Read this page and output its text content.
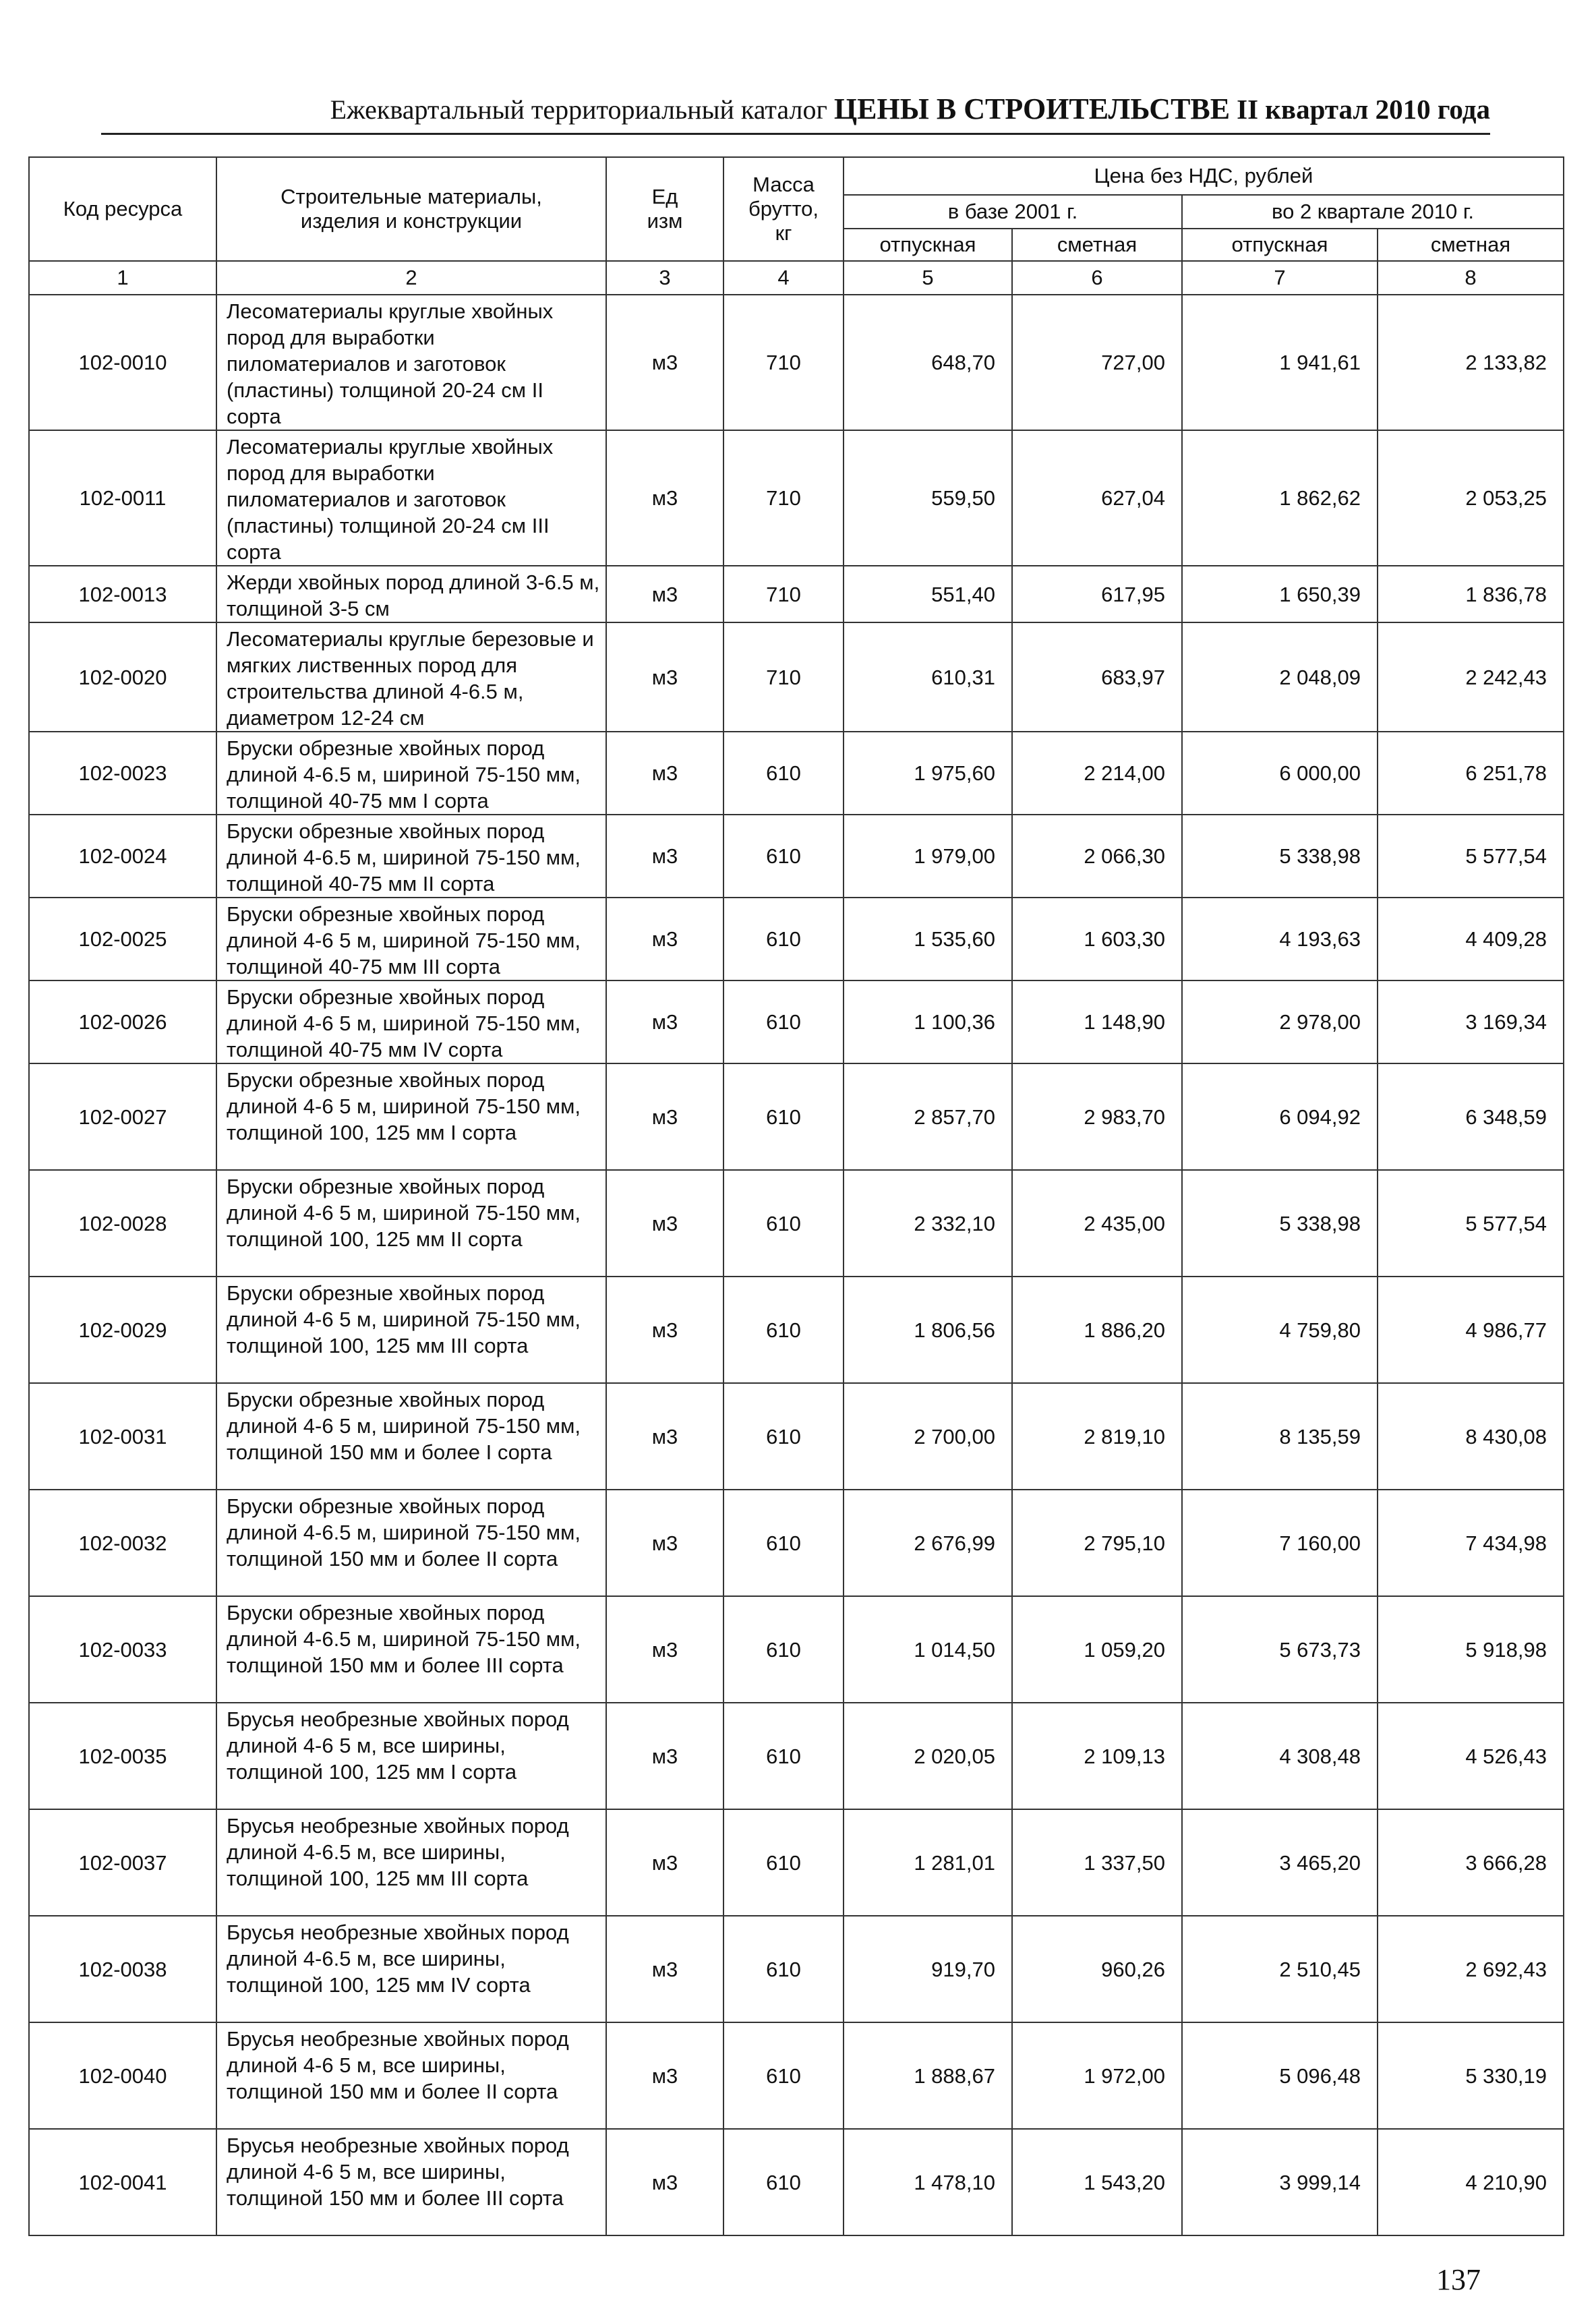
Ежеквартальный территориальный каталог ЦЕНЫ В СТРОИТЕЛЬСТВЕ II квартал 2010 года
Код ресурса	Строительные материалы, изделия и конструкции	Ед изм	Масса брутто, кг	Цена без НДС, рублей			
				в базе 2001 г.		во 2 квартале 2010 г.	
				отпускная	сметная	отпускная	сметная
1	2	3	4	5	6	7	8
102-0010	Лесоматериалы круглые хвойных пород для выработки пиломатериалов и заготовок (пластины) толщиной 20-24 см II сорта	м3	710	648,70	727,00	1 941,61	2 133,82
102-0011	Лесоматериалы круглые хвойных пород для выработки пиломатериалов и заготовок (пластины) толщиной 20-24 см III сорта	м3	710	559,50	627,04	1 862,62	2 053,25
102-0013	Жерди хвойных пород длиной 3-6.5 м, толщиной 3-5 см	м3	710	551,40	617,95	1 650,39	1 836,78
102-0020	Лесоматериалы круглые березовые и мягких лиственных пород для строительства длиной 4-6.5 м, диаметром 12-24 см	м3	710	610,31	683,97	2 048,09	2 242,43
102-0023	Бруски обрезные хвойных пород длиной 4-6.5 м, шириной 75-150 мм, толщиной 40-75 мм I сорта	м3	610	1 975,60	2 214,00	6 000,00	6 251,78
102-0024	Бруски обрезные хвойных пород длиной 4-6.5 м, шириной 75-150 мм, толщиной 40-75 мм II сорта	м3	610	1 979,00	2 066,30	5 338,98	5 577,54
102-0025	Бруски обрезные хвойных пород длиной 4-6 5 м, шириной 75-150 мм, толщиной 40-75 мм III сорта	м3	610	1 535,60	1 603,30	4 193,63	4 409,28
102-0026	Бруски обрезные хвойных пород длиной 4-6 5 м, шириной 75-150 мм, толщиной 40-75 мм IV сорта	м3	610	1 100,36	1 148,90	2 978,00	3 169,34
102-0027	Бруски обрезные хвойных пород длиной 4-6 5 м, шириной 75-150 мм, толщиной 100, 125 мм I сорта	м3	610	2 857,70	2 983,70	6 094,92	6 348,59
102-0028	Бруски обрезные хвойных пород длиной 4-6 5 м, шириной 75-150 мм, толщиной 100, 125 мм II сорта	м3	610	2 332,10	2 435,00	5 338,98	5 577,54
102-0029	Бруски обрезные хвойных пород длиной 4-6 5 м, шириной 75-150 мм, толщиной 100, 125 мм III сорта	м3	610	1 806,56	1 886,20	4 759,80	4 986,77
102-0031	Бруски обрезные хвойных пород длиной 4-6 5 м, шириной 75-150 мм, толщиной 150 мм и более I сорта	м3	610	2 700,00	2 819,10	8 135,59	8 430,08
102-0032	Бруски обрезные хвойных пород длиной 4-6.5 м, шириной 75-150 мм, толщиной 150 мм и более II сорта	м3	610	2 676,99	2 795,10	7 160,00	7 434,98
102-0033	Бруски обрезные хвойных пород длиной 4-6.5 м, шириной 75-150 мм, толщиной 150 мм и более III сорта	м3	610	1 014,50	1 059,20	5 673,73	5 918,98
102-0035	Брусья необрезные хвойных пород длиной 4-6 5 м, все ширины, толщиной 100, 125 мм I сорта	м3	610	2 020,05	2 109,13	4 308,48	4 526,43
102-0037	Брусья необрезные хвойных пород длиной 4-6.5 м, все ширины, толщиной 100, 125 мм III сорта	м3	610	1 281,01	1 337,50	3 465,20	3 666,28
102-0038	Брусья необрезные хвойных пород длиной 4-6.5 м, все ширины, толщиной 100, 125 мм IV сорта	м3	610	919,70	960,26	2 510,45	2 692,43
102-0040	Брусья необрезные хвойных пород длиной 4-6 5 м, все ширины, толщиной 150 мм и более II сорта	м3	610	1 888,67	1 972,00	5 096,48	5 330,19
102-0041	Брусья необрезные хвойных пород длиной 4-6 5 м, все ширины, толщиной 150 мм и более III сорта	м3	610	1 478,10	1 543,20	3 999,14	4 210,90
137
